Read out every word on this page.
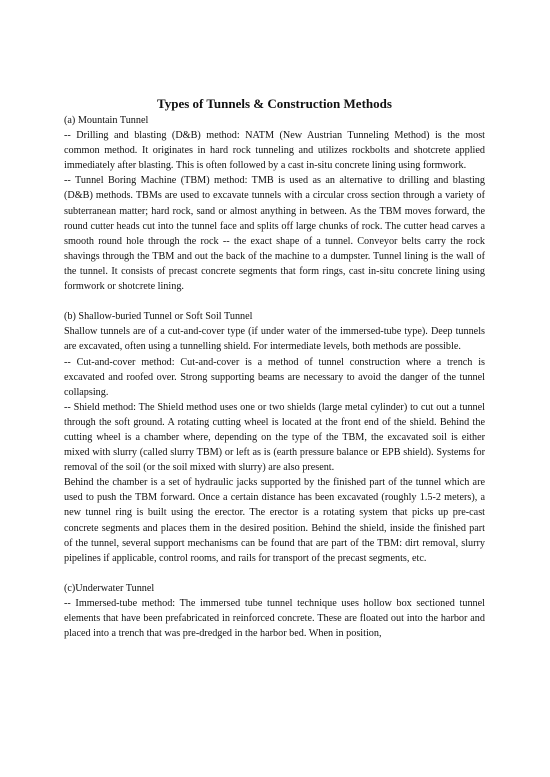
Types of Tunnels & Construction Methods

(a) Mountain Tunnel

-- Drilling and blasting (D&B) method: NATM (New Austrian Tunneling Method) is the most common method. It originates in hard rock tunneling and utilizes rockbolts and shotcrete applied immediately after blasting. This is often followed by a cast in-situ concrete lining using formwork.

-- Tunnel Boring Machine (TBM) method: TMB is used as an alternative to drilling and blasting (D&B) methods. TBMs are used to excavate tunnels with a circular cross section through a variety of subterranean matter; hard rock, sand or almost anything in between. As the TBM moves forward, the round cutter heads cut into the tunnel face and splits off large chunks of rock. The cutter head carves a smooth round hole through the rock -- the exact shape of a tunnel. Conveyor belts carry the rock shavings through the TBM and out the back of the machine to a dumpster. Tunnel lining is the wall of the tunnel. It consists of precast concrete segments that form rings, cast in-situ concrete lining using formwork or shotcrete lining.

(b) Shallow-buried Tunnel or Soft Soil Tunnel

Shallow tunnels are of a cut-and-cover type (if under water of the immersed-tube type). Deep tunnels are excavated, often using a tunnelling shield. For intermediate levels, both methods are possible.

-- Cut-and-cover method: Cut-and-cover is a method of tunnel construction where a trench is excavated and roofed over. Strong supporting beams are necessary to avoid the danger of the tunnel collapsing.

-- Shield method: The Shield method uses one or two shields (large metal cylinder) to cut out a tunnel through the soft ground. A rotating cutting wheel is located at the front end of the shield. Behind the cutting wheel is a chamber where, depending on the type of the TBM, the excavated soil is either mixed with slurry (called slurry TBM) or left as is (earth pressure balance or EPB shield). Systems for removal of the soil (or the soil mixed with slurry) are also present.

Behind the chamber is a set of hydraulic jacks supported by the finished part of the tunnel which are used to push the TBM forward. Once a certain distance has been excavated (roughly 1.5-2 meters), a new tunnel ring is built using the erector. The erector is a rotating system that picks up pre-cast concrete segments and places them in the desired position. Behind the shield, inside the finished part of the tunnel, several support mechanisms can be found that are part of the TBM: dirt removal, slurry pipelines if applicable, control rooms, and rails for transport of the precast segments, etc.

(c)Underwater Tunnel

-- Immersed-tube method: The immersed tube tunnel technique uses hollow box sectioned tunnel elements that have been prefabricated in reinforced concrete. These are floated out into the harbor and placed into a trench that was pre-dredged in the harbor bed. When in position,
